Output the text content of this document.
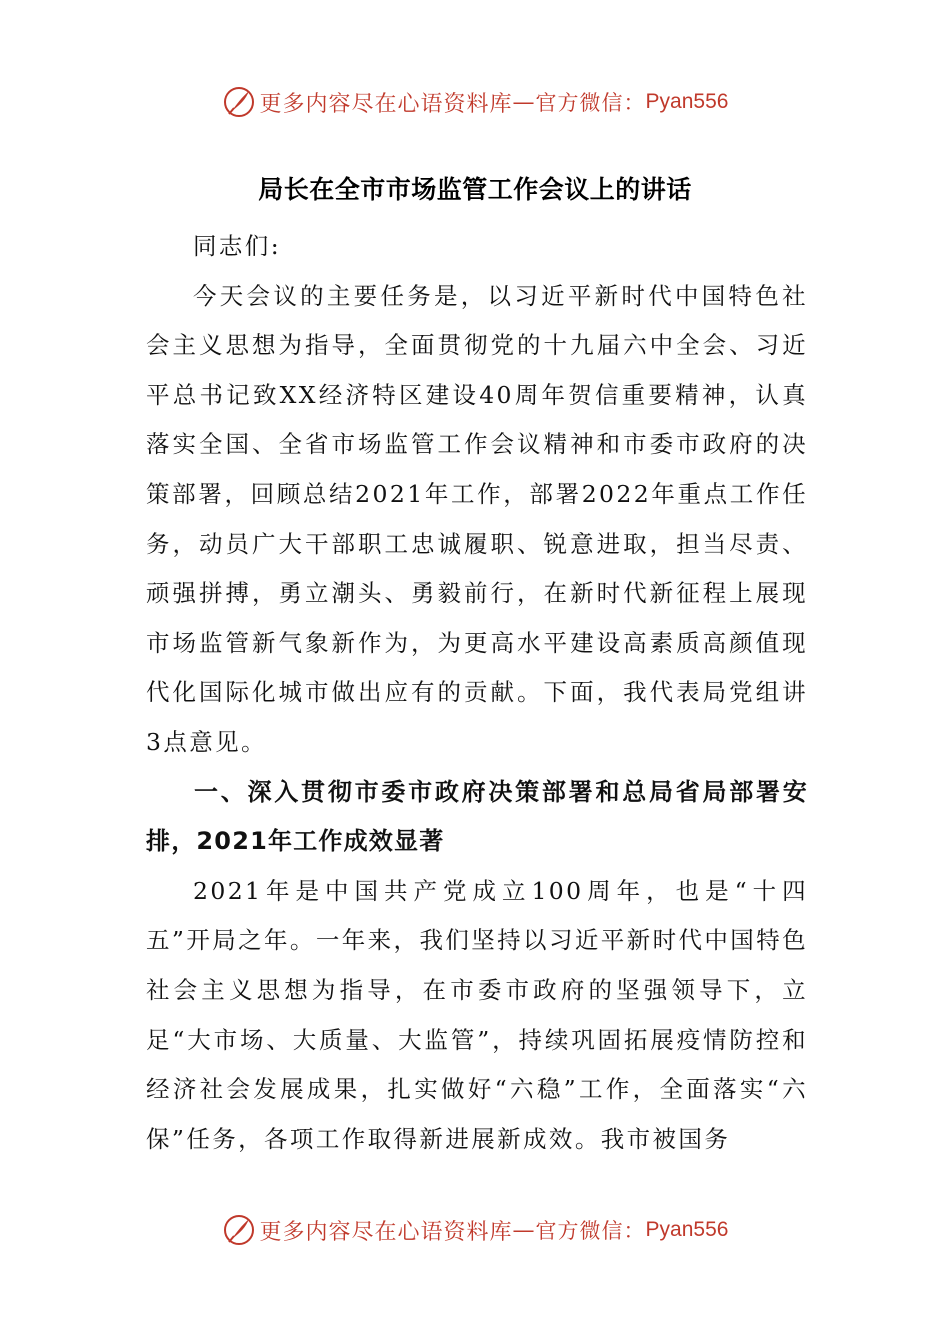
更多内容尽在心语资料库 — 官方微信： Pyan556
局长在全市市场监管工作会议上的讲话

同志们:

今天会议的主要任务是，以习近平新时代中国特色社会主义思想为指导，全面贯彻党的十九届六中全会、习近平总书记致XX经济特区建设40周年贺信重要精神，认真落实全国、全省市场监管工作会议精神和市委市政府的决策部署，回顾总结2021年工作，部署2022年重点工作任务，动员广大干部职工忠诚履职、锐意进取，担当尽责、顽强拼搏，勇立潮头、勇毅前行，在新时代新征程上展现市场监管新气象新作为，为更高水平建设高素质高颜值现代化国际化城市做出应有的贡献。下面，我代表局党组讲3点意见。

一、深入贯彻市委市政府决策部署和总局省局部署安排，2021年工作成效显著

2021年是中国共产党成立100周年，也是“十四五”开局之年。一年来，我们坚持以习近平新时代中国特色社会主义思想为指导，在市委市政府的坚强领导下，立足“大市场、大质量、大监管”，持续巩固拓展疫情防控和经济社会发展成果，扎实做好“六稳”工作，全面落实“六保”任务，各项工作取得新进展新成效。我市被国务

更多内容尽在心语资料库 — 官方微信： Pyan556
